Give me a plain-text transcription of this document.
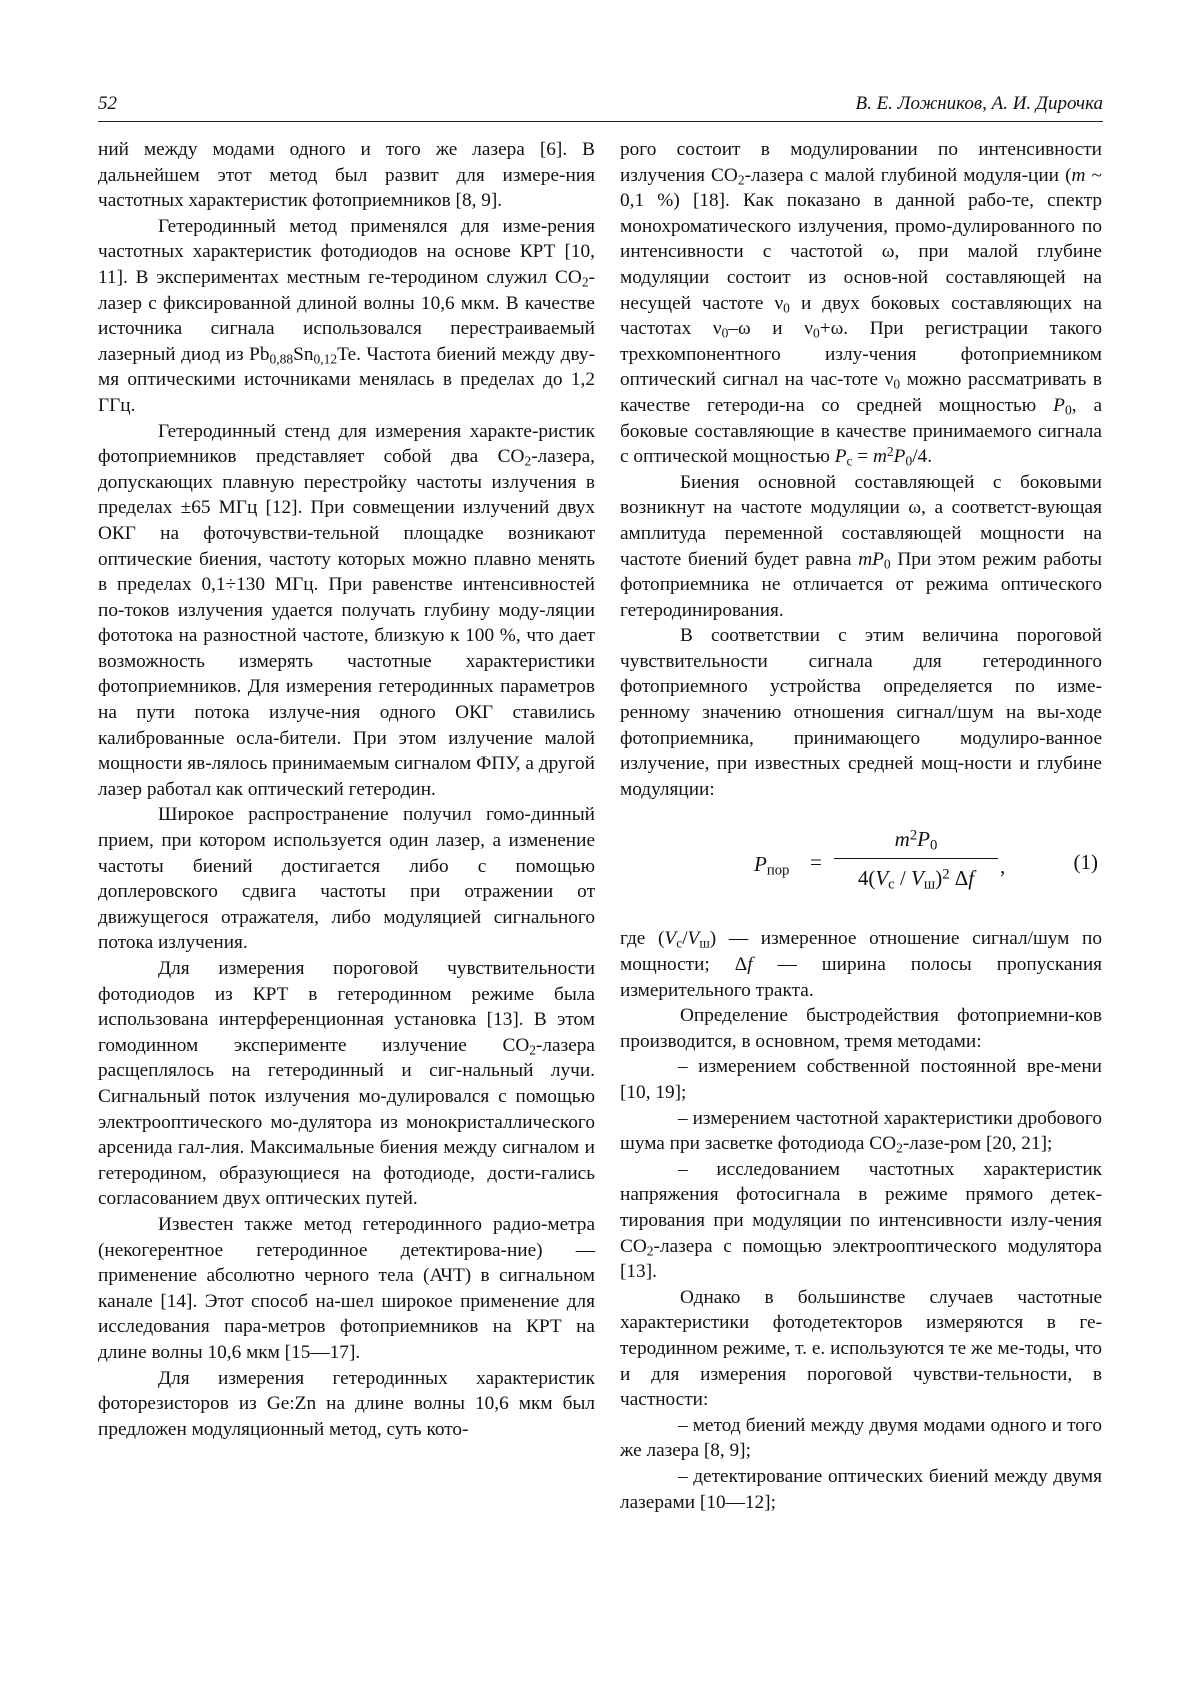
52	В. Е. Ложников, А. И. Дирочка

ний между модами одного и того же лазера [6]. В дальнейшем этот метод был развит для измере-ния частотных характеристик фотоприемников [8, 9].

Гетеродинный метод применялся для изме-рения частотных характеристик фотодиодов на основе КРТ [10, 11]. В экспериментах местным ге-теродином служил $CO_2$-лазер с фиксированной длиной волны 10,6 мкм. В качестве источника сигнала использовался перестраиваемый лазерный диод из $Pb_{0,88}Sn_{0,12}Te$. Частота биений между дву-мя оптическими источниками менялась в пределах до 1,2 ГГц.

Гетеродинный стенд для измерения характе-ристик фотоприемников представляет собой два $CO_2$-лазера, допускающих плавную перестройку частоты излучения в пределах ±65 МГц [12]. При совмещении излучений двух ОКГ на фоточувстви-тельной площадке возникают оптические биения, частоту которых можно плавно менять в пределах 0,1÷130 МГц. При равенстве интенсивностей по-токов излучения удается получать глубину моду-ляции фототока на разностной частоте, близкую к 100 %, что дает возможность измерять частотные характеристики фотоприемников. Для измерения гетеродинных параметров на пути потока излуче-ния одного ОКГ ставились калиброванные осла-бители. При этом излучение малой мощности яв-лялось принимаемым сигналом ФПУ, а другой лазер работал как оптический гетеродин.

Широкое распространение получил гомо-динный прием, при котором используется один лазер, а изменение частоты биений достигается либо с помощью доплеровского сдвига частоты при отражении от движущегося отражателя, либо модуляцией сигнального потока излучения.

Для измерения пороговой чувствительности фотодиодов из КРТ в гетеродинном режиме была использована интерференционная установка [13]. В этом гомодинном эксперименте излучение $CO_2$-лазера расщеплялось на гетеродинный и сиг-нальный лучи. Сигнальный поток излучения мо-дулировался с помощью электрооптического мо-дулятора из монокристаллического арсенида гал-лия. Максимальные биения между сигналом и гетеродином, образующиеся на фотодиоде, дости-гались согласованием двух оптических путей.

Известен также метод гетеродинного радио-метра (некогерентное гетеродинное детектирова-ние) — применение абсолютно черного тела (АЧТ) в сигнальном канале [14]. Этот способ на-шел широкое применение для исследования пара-метров фотоприемников на КРТ на длине волны 10,6 мкм [15—17].

Для измерения гетеродинных характеристик фоторезисторов из Ge:Zn на длине волны 10,6 мкм был предложен модуляционный метод, суть кото-

рого состоит в модулировании по интенсивности излучения $CO_2$-лазера с малой глубиной модуля-ции (m ~ 0,1 %) [18]. Как показано в данной рабо-те, спектр монохроматического излучения, промо-дулированного по интенсивности с частотой ω, при малой глубине модуляции состоит из основ-ной составляющей на несущей частоте $\nu_0$ и двух боковых составляющих на частотах $\nu_0-\omega$ и $\nu_0+\omega$. При регистрации такого трехкомпонентного излу-чения фотоприемником оптический сигнал на час-тоте $\nu_0$ можно рассматривать в качестве гетероди-на со средней мощностью $P_0$, а боковые составляющие в качестве принимаемого сигнала с оптической мощностью $P_c = m^2P_0/4$.

Биения основной составляющей с боковыми возникнут на частоте модуляции ω, а соответст-вующая амплитуда переменной составляющей мощности на частоте биений будет равна $mP_0$ При этом режим работы фотоприемника не отличается от режима оптического гетеродинирования.

В соответствии с этим величина пороговой чувствительности сигнала для гетеродинного фотоприемного устройства определяется по изме-ренному значению отношения сигнал/шум на вы-ходе фотоприемника, принимающего модулиро-ванное излучение, при известных средней мощ-ности и глубине модуляции:

$P_{пор}$ =
$m^2P_0$
$4(V_с / V_ш)^2$ Δf	,	(1)

где $(V_с/V_ш)$ — измеренное отношение сигнал/шум по мощности; Δf — ширина полосы пропускания измерительного тракта.

Определение быстродействия фотоприемни-ков производится, в основном, тремя методами:

– измерением собственной постоянной вре-мени [10, 19];

– измерением частотной характеристики дробового шума при засветке фотодиода $CO_2-лазе$-ром [20, 21];

– исследованием частотных характеристик напряжения фотосигнала в режиме прямого детек-тирования при модуляции по интенсивности излу-чения $CO_2$-лазера с помощью электрооптического модулятора [13].

Однако в большинстве случаев частотные характеристики фотодетекторов измеряются в ге-теродинном режиме, т. е. используются те же ме-тоды, что и для измерения пороговой чувстви-тельности, в частности:

– метод биений между двумя модами одного и того же лазера [8, 9];

– детектирование оптических биений между двумя лазерами [10—12];
